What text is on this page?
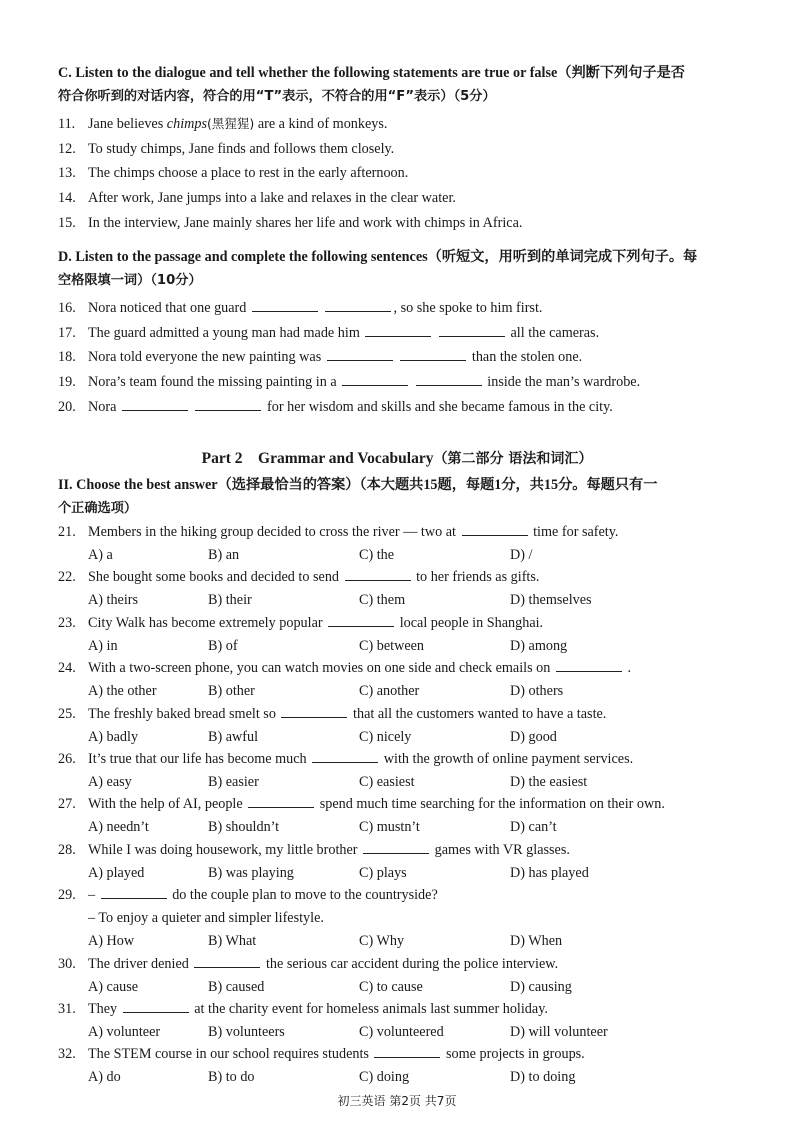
C. Listen to the dialogue and tell whether the following statements are true or false（判断下列句子是否
符合你听到的对话内容，符合的用“T”表示，不符合的用“F”表示）（5分）
11. Jane believes chimps(黑猩猩) are a kind of monkeys.
12. To study chimps, Jane finds and follows them closely.
13. The chimps choose a place to rest in the early afternoon.
14. After work, Jane jumps into a lake and relaxes in the clear water.
15. In the interview, Jane mainly shares her life and work with chimps in Africa.
D. Listen to the passage and complete the following sentences（听短文，用听到的单词完成下列句子。每
空格限填一词）（10分）
16. Nora noticed that one guard	, so she spoke to him first.
17. The guard admitted a young man had made him	all the cameras.
18. Nora told everyone the new painting was	than the stolen one.
19. Nora’s team found the missing painting in a	inside the man’s wardrobe.
20. Nora	for her wisdom and skills and she became famous in the city.
Part 2    Grammar and Vocabulary（第二部分 语法和词汇）
II. Choose the best answer（选择最恰当的答案）（本大题共15题，每题1分，共15分。每题只有一
个正确选项）
21. Members in the hiking group decided to cross the river — two at	time for safety.
A) a	B) an	C) the	D) /
22. She bought some books and decided to send	to her friends as gifts.
A) theirs	B) their	C) them	D) themselves
23. City Walk has become extremely popular	local people in Shanghai.
A) in	B) of	C) between	D) among
24. With a two-screen phone, you can watch movies on one side and check emails on	.
A) the other	B) other	C) another	D) others
25. The freshly baked bread smelt so	that all the customers wanted to have a taste.
A) badly	B) awful	C) nicely	D) good
26. It’s true that our life has become much	with the growth of online payment services.
A) easy	B) easier	C) easiest	D) the easiest
27. With the help of AI, people	spend much time searching for the information on their own.
A) needn’t	B) shouldn’t	C) mustn’t	D) can’t
28. While I was doing housework, my little brother	games with VR glasses.
A) played	B) was playing	C) plays	D) has played
29. –	do the couple plan to move to the countryside?
– To enjoy a quieter and simpler lifestyle.
A) How	B) What	C) Why	D) When
30. The driver denied	the serious car accident during the police interview.
A) cause	B) caused	C) to cause	D) causing
31. They	at the charity event for homeless animals last summer holiday.
A) volunteer	B) volunteers	C) volunteered	D) will volunteer
32. The STEM course in our school requires students	some projects in groups.
A) do	B) to do	C) doing	D) to doing
初三英语 第2页 共7页
